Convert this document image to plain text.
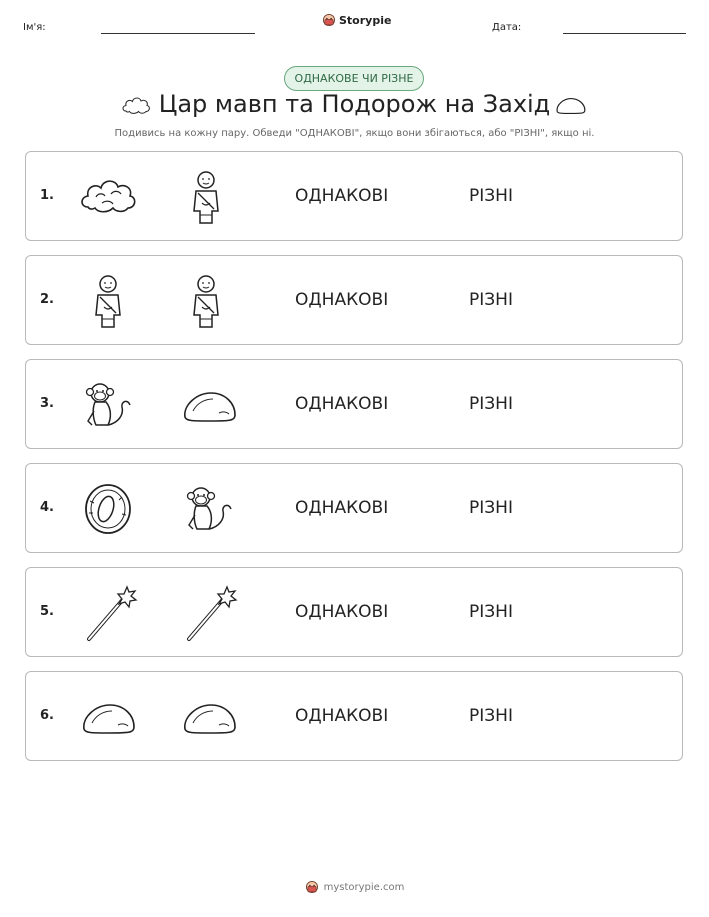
Ім'я:
Storypie
Дата:
ОДНАКОВЕ ЧИ РІЗНЕ
Цар мавп та Подорож на Захід
Подивись на кожну пару. Обведи "ОДНАКОВІ", якщо вони збігаються, або "РІЗНІ", якщо ні.
1.	ОДНАКОВІ	РІЗНІ
2.	ОДНАКОВІ	РІЗНІ
3.	ОДНАКОВІ	РІЗНІ
4.	ОДНАКОВІ	РІЗНІ
5.	ОДНАКОВІ	РІЗНІ
6.	ОДНАКОВІ	РІЗНІ
mystorypie.com
